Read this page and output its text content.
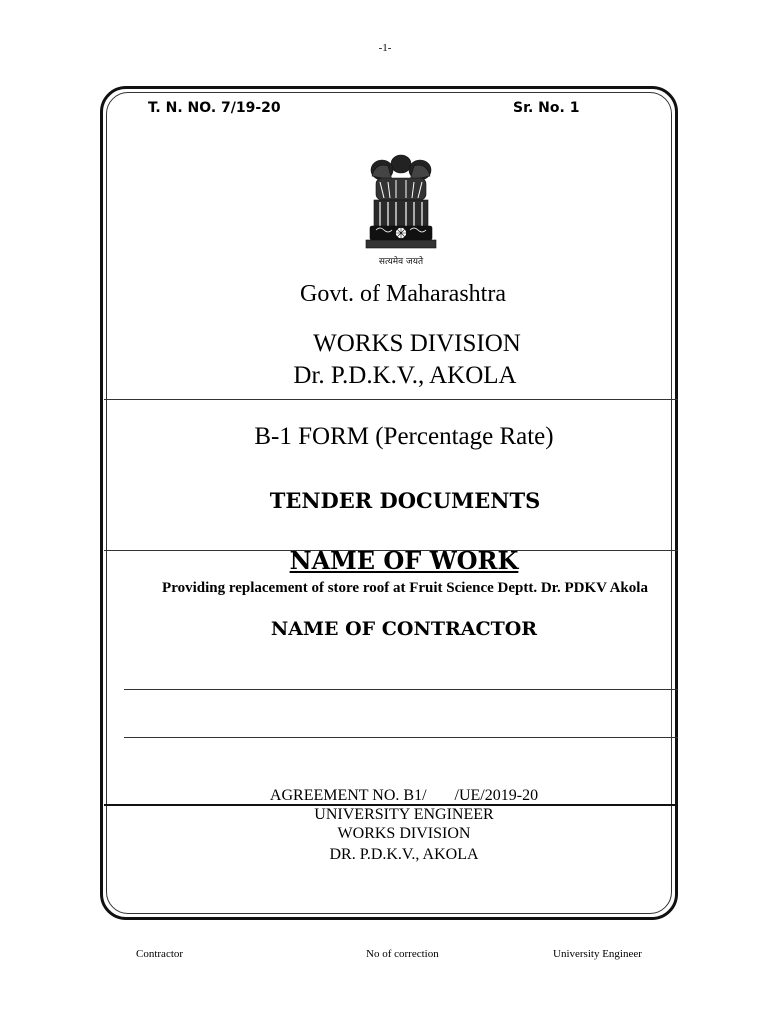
-1-
T. N. NO. 7/19-20	Sr. No. 1
सत्यमेव जयते
Govt. of Maharashtra
WORKS DIVISION
Dr. P.D.K.V., AKOLA
B-1 FORM (Percentage Rate)
TENDER DOCUMENTS
NAME OF WORK
Providing replacement of store roof at Fruit Science Deptt. Dr. PDKV Akola
NAME OF CONTRACTOR
AGREEMENT NO. B1/       /UE/2019-20
UNIVERSITY ENGINEER
WORKS DIVISION
DR. P.D.K.V., AKOLA
Contractor	No of correction	University Engineer
